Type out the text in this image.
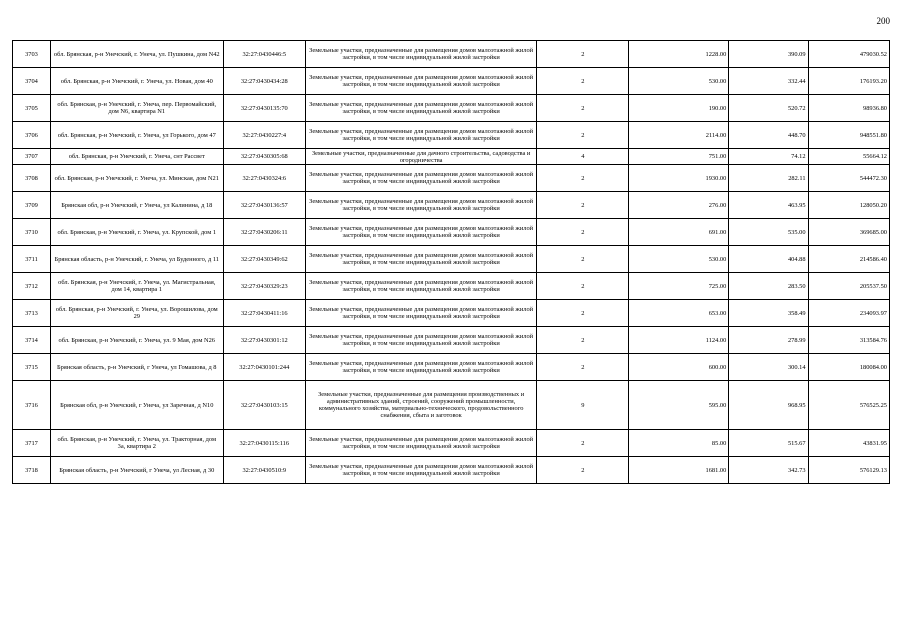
200
3703	обл. Брянская, р-н Унечский, г. Унеча, ул. Пушкина, дом N42	32:27:0430446:5	Земельные участки, предназначенные для размещения домов малоэтажной жилой застройки, в том числе индивидуальной жилой застройки	2	1228.00	390.09	479030.52
3704	обл. Брянская, р-н Унечский, г. Унеча, ул. Новая, дом 40	32:27:0430434:28	Земельные участки, предназначенные для размещения домов малоэтажной жилой застройки, в том числе индивидуальной жилой застройки	2	530.00	332.44	176193.20
3705	обл. Брянская, р-н Унечский, г. Унеча, пер. Первомайский, дом N6, квартира N1	32:27:0430135:70	Земельные участки, предназначенные для размещения домов малоэтажной жилой застройки, в том числе индивидуальной жилой застройки	2	190.00	520.72	98936.80
3706	обл. Брянская, р-н Унечский, г. Унеча, ул Горького, дом 47	32:27:0430227:4	Земельные участки, предназначенные для размещения домов малоэтажной жилой застройки, в том числе индивидуальной жилой застройки	2	2114.00	448.70	948551.80
3707	обл. Брянская, р-н Унечский, г. Унеча, снт Рассвет	32:27:0430305:68	Земельные участки, предназначенные для дачного строительства, садоводства и огородничества	4	751.00	74.12	55664.12
3708	обл. Брянская, р-н Унечский, г. Унеча, ул. Минская, дом N21	32:27:0430324:6	Земельные участки, предназначенные для размещения домов малоэтажной жилой застройки, в том числе индивидуальной жилой застройки	2	1930.00	282.11	544472.30
3709	Брянская обл, р-н Унечский, г Унеча, ул Калинина, д 18	32:27:0430136:57	Земельные участки, предназначенные для размещения домов малоэтажной жилой застройки, в том числе индивидуальной жилой застройки	2	276.00	463.95	128050.20
3710	обл. Брянская, р-н Унечский, г. Унеча, ул. Крупской, дом 1	32:27:0430206:11	Земельные участки, предназначенные для размещения домов малоэтажной жилой застройки, в том числе индивидуальной жилой застройки	2	691.00	535.00	369685.00
3711	Брянская область, р-н Унечский, г. Унеча, ул Буденного, д 11	32:27:0430349:62	Земельные участки, предназначенные для размещения домов малоэтажной жилой застройки, в том числе индивидуальной жилой застройки	2	530.00	404.88	214586.40
3712	обл. Брянская, р-н Унечский, г. Унеча, ул. Магистральная, дом 14, квартира 1	32:27:0430329:23	Земельные участки, предназначенные для размещения домов малоэтажной жилой застройки, в том числе индивидуальной жилой застройки	2	725.00	283.50	205537.50
3713	обл. Брянская, р-н Унечский, г. Унеча, ул. Ворошилова, дом 29	32:27:0430411:16	Земельные участки, предназначенные для размещения домов малоэтажной жилой застройки, в том числе индивидуальной жилой застройки	2	653.00	358.49	234093.97
3714	обл. Брянская, р-н Унечский, г. Унеча, ул. 9 Мая, дом N26	32:27:0430301:12	Земельные участки, предназначенные для размещения домов малоэтажной жилой застройки, в том числе индивидуальной жилой застройки	2	1124.00	278.99	313584.76
3715	Брянская область, р-н Унечский, г Унеча, ул Гомашова, д 8	32:27:0430101:244	Земельные участки, предназначенные для размещения домов малоэтажной жилой застройки, в том числе индивидуальной жилой застройки	2	600.00	300.14	180084.00
3716	Брянская обл, р-н Унечский, г Унеча, ул Заречная, д N10	32:27:0430103:15	Земельные участки, предназначенные для размещения производственных и административных зданий, строений, сооружений промышленности, коммунального хозяйства, материально-технического, продовольственного снабжения, сбыта и заготовок	9	595.00	968.95	576525.25
3717	обл. Брянская, р-н Унечский, г. Унеча, ул. Тракторная, дом 3а, квартира 2	32:27:0430115:116	Земельные участки, предназначенные для размещения домов малоэтажной жилой застройки, в том числе индивидуальной жилой застройки	2	85.00	515.67	43831.95
3718	Брянская область, р-н Унечский, г Унеча, ул Лесная, д 30	32:27:0430510:9	Земельные участки, предназначенные для размещения домов малоэтажной жилой застройки, в том числе индивидуальной жилой застройки	2	1681.00	342.73	576129.13
